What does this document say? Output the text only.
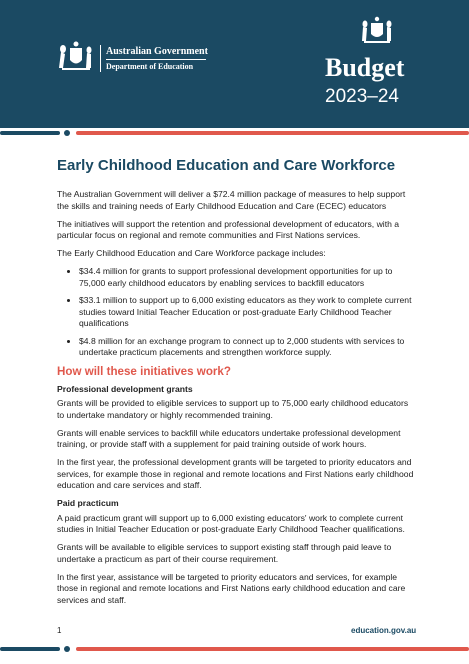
Australian Government
Department of Education	Budget
2023–24
Early Childhood Education and Care Workforce

The Australian Government will deliver a $72.4 million package of measures to help support the skills and training needs of Early Childhood Education and Care (ECEC) educators

The initiatives will support the retention and professional development of educators, with a particular focus on regional and remote communities and First Nations services.

The Early Childhood Education and Care Workforce package includes:

• $34.4 million for grants to support professional development opportunities for up to 75,000 early childhood educators by enabling services to backfill educators
• $33.1 million to support up to 6,000 existing educators as they work to complete current studies toward Initial Teacher Education or post-graduate Early Childhood Teacher qualifications
• $4.8 million for an exchange program to connect up to 2,000 students with services to undertake practicum placements and strengthen workforce supply.
How will these initiatives work?
Professional development grants

Grants will be provided to eligible services to support up to 75,000 early childhood educators to undertake mandatory or highly recommended training.

Grants will enable services to backfill while educators undertake professional development training, or provide staff with a supplement for paid training outside of work hours.

In the first year, the professional development grants will be targeted to priority educators and services, for example those in regional and remote locations and First Nations early childhood education and care services and staff.

Paid practicum

A paid practicum grant will support up to 6,000 existing educators' work to complete current studies in Initial Teacher Education or post-graduate Early Childhood Teacher qualifications.

Grants will be available to eligible services to support existing staff through paid leave to undertake a practicum as part of their course requirement.

In the first year, assistance will be targeted to priority educators and services, for example those in regional and remote locations and First Nations early childhood education and care services and staff.

1	education.gov.au
